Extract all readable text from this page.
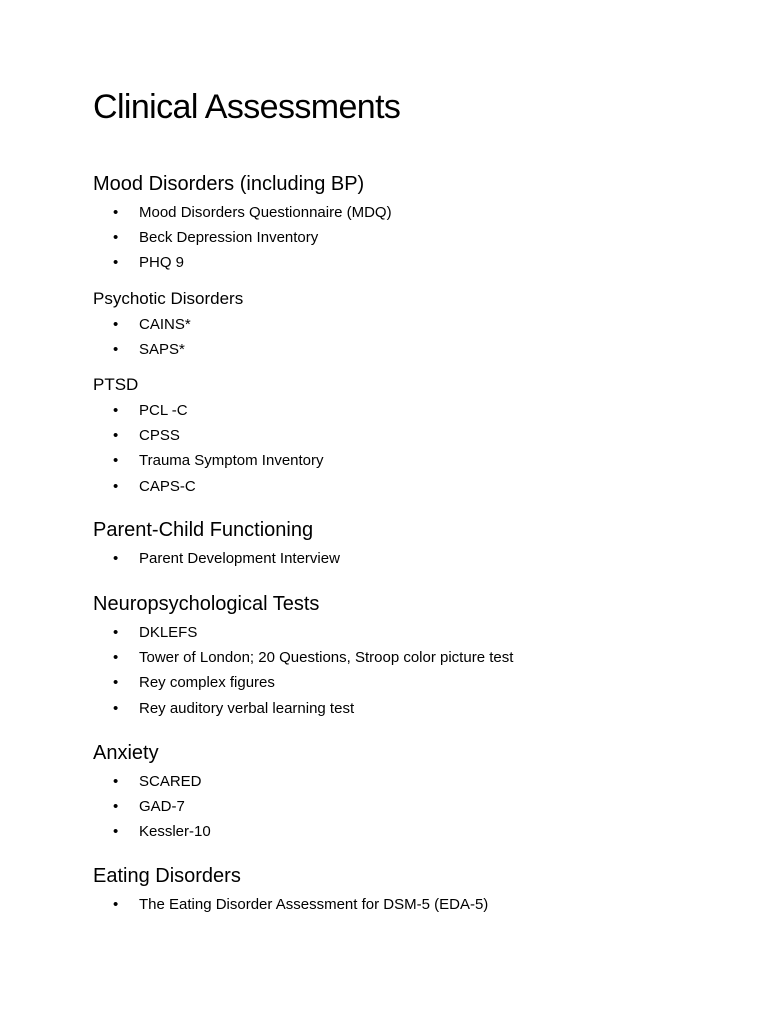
Clinical Assessments
Mood Disorders (including BP)
•	Mood Disorders Questionnaire (MDQ)
•	Beck Depression Inventory
•	PHQ 9
Psychotic Disorders
•	CAINS*
•	SAPS*
PTSD
•	PCL -C
•	CPSS
•	Trauma Symptom Inventory
•	CAPS-C
Parent-Child Functioning
•	Parent Development Interview
Neuropsychological Tests
•	DKLEFS
•	Tower of London; 20 Questions, Stroop color picture test
•	Rey complex figures
•	Rey auditory verbal learning test
Anxiety
•	SCARED
•	GAD-7
•	Kessler-10
Eating Disorders
•	The Eating Disorder Assessment for DSM-5 (EDA-5)
